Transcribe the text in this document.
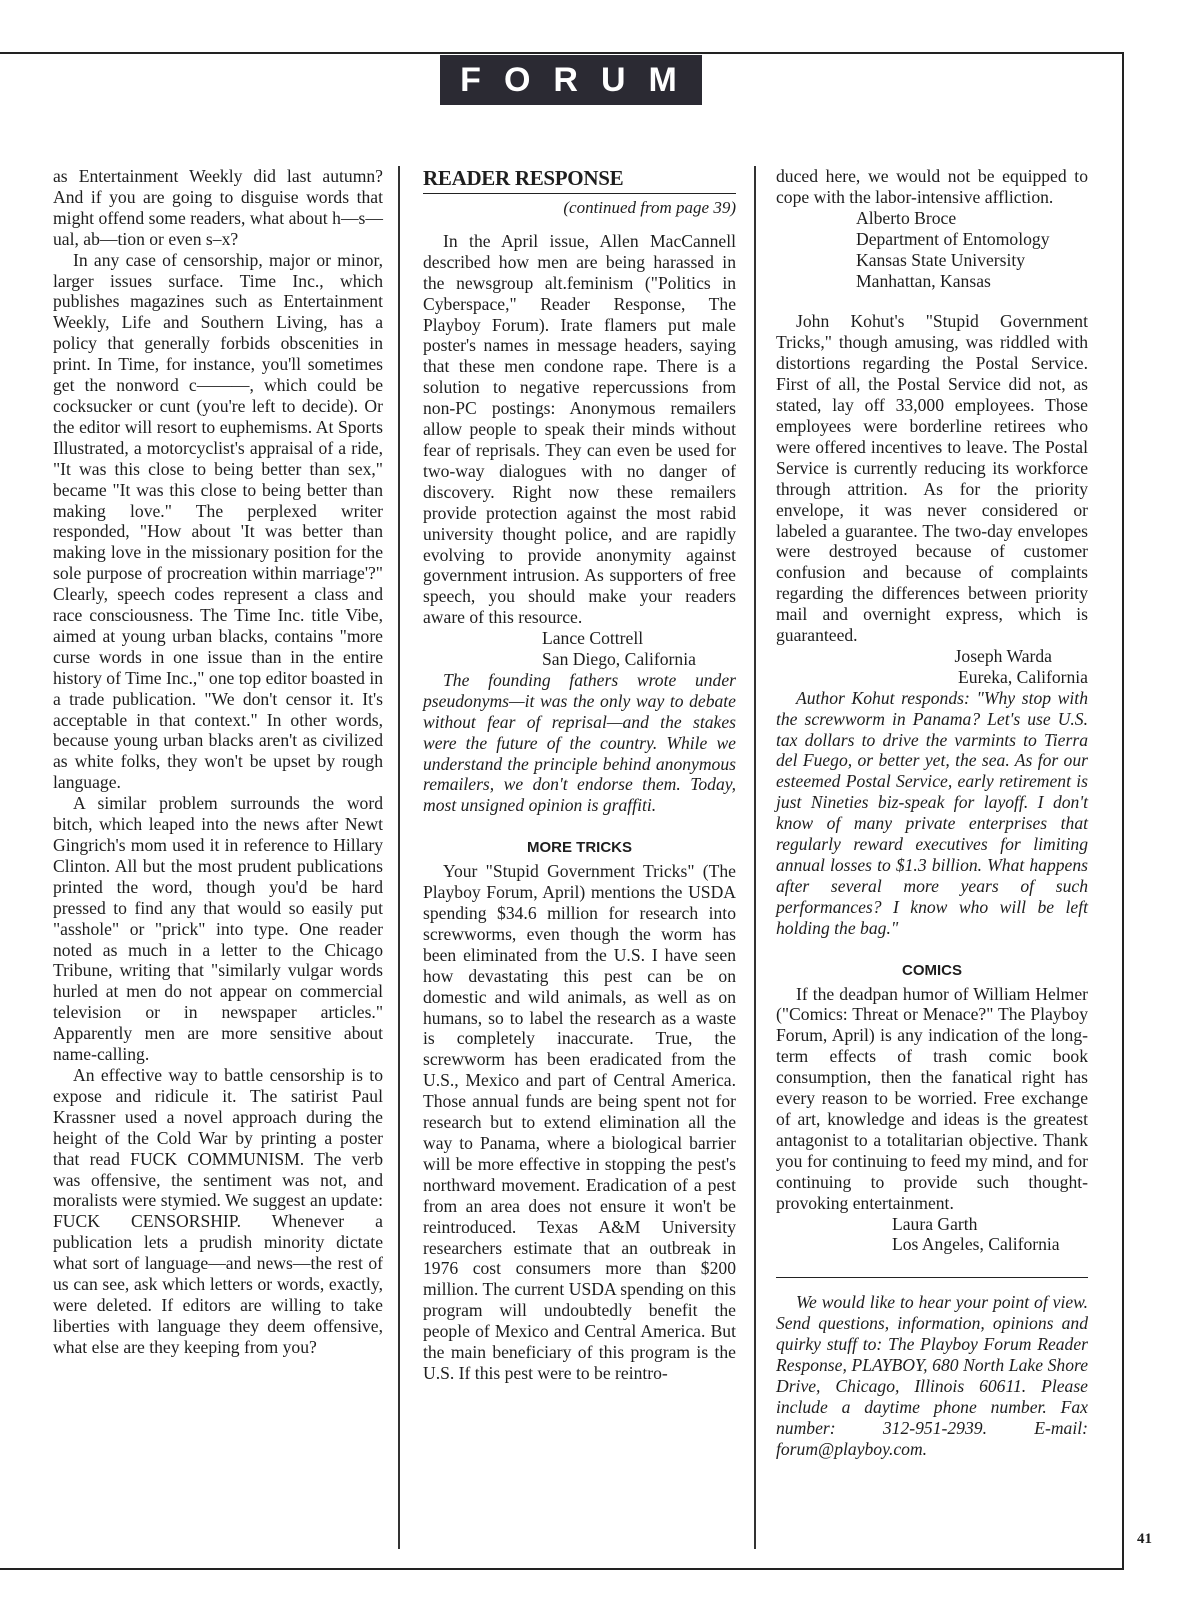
FORUM

as Entertainment Weekly did last autumn? And if you are going to disguise words that might offend some readers, what about h—s—ual, ab—tion or even s–x?

In any case of censorship, major or minor, larger issues surface. Time Inc., which publishes magazines such as Entertainment Weekly, Life and Southern Living, has a policy that generally forbids obscenities in print. In Time, for instance, you'll sometimes get the nonword c———, which could be cocksucker or cunt (you're left to decide). Or the editor will resort to euphemisms. At Sports Illustrated, a motorcyclist's appraisal of a ride, "It was this close to being better than sex," became "It was this close to being better than making love." The perplexed writer responded, "How about 'It was better than making love in the missionary position for the sole purpose of procreation within marriage'?" Clearly, speech codes represent a class and race consciousness. The Time Inc. title Vibe, aimed at young urban blacks, contains "more curse words in one issue than in the entire history of Time Inc.," one top editor boasted in a trade publication. "We don't censor it. It's acceptable in that context." In other words, because young urban blacks aren't as civilized as white folks, they won't be upset by rough language.

A similar problem surrounds the word bitch, which leaped into the news after Newt Gingrich's mom used it in reference to Hillary Clinton. All but the most prudent publications printed the word, though you'd be hard pressed to find any that would so easily put "asshole" or "prick" into type. One reader noted as much in a letter to the Chicago Tribune, writing that "similarly vulgar words hurled at men do not appear on commercial television or in newspaper articles." Apparently men are more sensitive about name-calling.

An effective way to battle censorship is to expose and ridicule it. The satirist Paul Krassner used a novel approach during the height of the Cold War by printing a poster that read FUCK COMMUNISM. The verb was offensive, the sentiment was not, and moralists were stymied. We suggest an update: FUCK CENSORSHIP. Whenever a publication lets a prudish minority dictate what sort of language—and news—the rest of us can see, ask which letters or words, exactly, were deleted. If editors are willing to take liberties with language they deem offensive, what else are they keeping from you?

READER RESPONSE
(continued from page 39)

In the April issue, Allen MacCannell described how men are being harassed in the newsgroup alt.feminism ("Politics in Cyberspace," Reader Response, The Playboy Forum). Irate flamers put male poster's names in message headers, saying that these men condone rape. There is a solution to negative repercussions from non-PC postings: Anonymous remailers allow people to speak their minds without fear of reprisals. They can even be used for two-way dialogues with no danger of discovery. Right now these remailers provide protection against the most rabid university thought police, and are rapidly evolving to provide anonymity against government intrusion. As supporters of free speech, you should make your readers aware of this resource.

Lance Cottrell
San Diego, California

The founding fathers wrote under pseudonyms—it was the only way to debate without fear of reprisal—and the stakes were the future of the country. While we understand the principle behind anonymous remailers, we don't endorse them. Today, most unsigned opinion is graffiti.

MORE TRICKS

Your "Stupid Government Tricks" (The Playboy Forum, April) mentions the USDA spending $34.6 million for research into screwworms, even though the worm has been eliminated from the U.S. I have seen how devastating this pest can be on domestic and wild animals, as well as on humans, so to label the research as a waste is completely inaccurate. True, the screwworm has been eradicated from the U.S., Mexico and part of Central America. Those annual funds are being spent not for research but to extend elimination all the way to Panama, where a biological barrier will be more effective in stopping the pest's northward movement. Eradication of a pest from an area does not ensure it won't be reintroduced. Texas A&M University researchers estimate that an outbreak in 1976 cost consumers more than $200 million. The current USDA spending on this program will undoubtedly benefit the people of Mexico and Central America. But the main beneficiary of this program is the U.S. If this pest were to be reintro-

duced here, we would not be equipped to cope with the labor-intensive affliction.

Alberto Broce
Department of Entomology
Kansas State University
Manhattan, Kansas

John Kohut's "Stupid Government Tricks," though amusing, was riddled with distortions regarding the Postal Service. First of all, the Postal Service did not, as stated, lay off 33,000 employees. Those employees were borderline retirees who were offered incentives to leave. The Postal Service is currently reducing its workforce through attrition. As for the priority envelope, it was never considered or labeled a guarantee. The two-day envelopes were destroyed because of customer confusion and because of complaints regarding the differences between priority mail and overnight express, which is guaranteed.

Joseph Warda
Eureka, California

Author Kohut responds: "Why stop with the screwworm in Panama? Let's use U.S. tax dollars to drive the varmints to Tierra del Fuego, or better yet, the sea. As for our esteemed Postal Service, early retirement is just Nineties biz-speak for layoff. I don't know of many private enterprises that regularly reward executives for limiting annual losses to $1.3 billion. What happens after several more years of such performances? I know who will be left holding the bag."

COMICS

If the deadpan humor of William Helmer ("Comics: Threat or Menace?" The Playboy Forum, April) is any indication of the long-term effects of trash comic book consumption, then the fanatical right has every reason to be worried. Free exchange of art, knowledge and ideas is the greatest antagonist to a totalitarian objective. Thank you for continuing to feed my mind, and for continuing to provide such thought-provoking entertainment.

Laura Garth
Los Angeles, California

We would like to hear your point of view. Send questions, information, opinions and quirky stuff to: The Playboy Forum Reader Response, PLAYBOY, 680 North Lake Shore Drive, Chicago, Illinois 60611. Please include a daytime phone number. Fax number: 312-951-2939. E-mail: forum@playboy.com.

41
